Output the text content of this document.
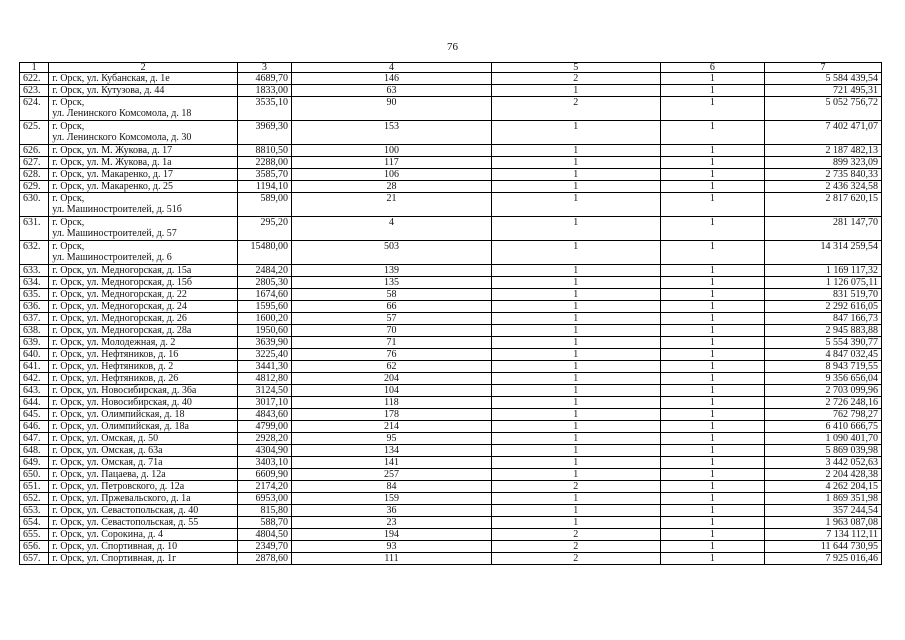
76
1	2	3	4	5	6	7
622.	г. Орск, ул. Кубанская, д. 1е	4689,70	146	2	1	5 584 439,54
623.	г. Орск, ул. Кутузова, д. 44	1833,00	63	1	1	721 495,31
624.	г. Орск,
ул. Ленинского Комсомола, д. 18	3535,10	90	2	1	5 052 756,72
625.	г. Орск,
ул. Ленинского Комсомола, д. 30	3969,30	153	1	1	7 402 471,07
626.	г. Орск, ул. М. Жукова, д. 17	8810,50	100	1	1	2 187 482,13
627.	г. Орск, ул. М. Жукова, д. 1а	2288,00	117	1	1	899 323,09
628.	г. Орск, ул. Макаренко, д. 17	3585,70	106	1	1	2 735 840,33
629.	г. Орск, ул. Макаренко, д. 25	1194,10	28	1	1	2 436 324,58
630.	г. Орск,
ул. Машиностроителей, д. 51б	589,00	21	1	1	2 817 620,15
631.	г. Орск,
ул. Машиностроителей, д. 57	295,20	4	1	1	281 147,70
632.	г. Орск,
ул. Машиностроителей, д. 6	15480,00	503	1	1	14 314 259,54
633.	г. Орск, ул. Медногорская, д. 15а	2484,20	139	1	1	1 169 117,32
634.	г. Орск, ул. Медногорская, д. 15б	2805,30	135	1	1	1 126 075,11
635.	г. Орск, ул. Медногорская, д. 22	1674,60	58	1	1	831 519,70
636.	г. Орск, ул. Медногорская, д. 24	1595,60	66	1	1	2 292 616,05
637.	г. Орск, ул. Медногорская, д. 26	1600,20	57	1	1	847 166,73
638.	г. Орск, ул. Медногорская, д. 28а	1950,60	70	1	1	2 945 883,88
639.	г. Орск, ул. Молодежная, д. 2	3639,90	71	1	1	5 554 390,77
640.	г. Орск, ул. Нефтяников, д. 16	3225,40	76	1	1	4 847 032,45
641.	г. Орск, ул. Нефтяников, д. 2	3441,30	62	1	1	8 943 719,55
642.	г. Орск, ул. Нефтяников, д. 26	4812,80	204	1	1	9 356 656,04
643.	г. Орск, ул. Новосибирская, д. 36а	3124,50	104	1	1	2 703 099,96
644.	г. Орск, ул. Новосибирская, д. 40	3017,10	118	1	1	2 726 248,16
645.	г. Орск, ул. Олимпийская, д. 18	4843,60	178	1	1	762 798,27
646.	г. Орск, ул. Олимпийская, д. 18а	4799,00	214	1	1	6 410 666,75
647.	г. Орск, ул. Омская, д. 50	2928,20	95	1	1	1 090 401,70
648.	г. Орск, ул. Омская, д. 63а	4304,90	134	1	1	5 869 039,98
649.	г. Орск, ул. Омская, д. 71а	3403,10	141	1	1	3 442 052,63
650.	г. Орск, ул. Пацаева, д. 12а	6609,90	257	1	1	2 204 428,38
651.	г. Орск, ул. Петровского, д. 12а	2174,20	84	2	1	4 262 204,15
652.	г. Орск, ул. Пржевальского, д. 1а	6953,00	159	1	1	1 869 351,98
653.	г. Орск, ул. Севастопольская, д. 40	815,80	36	1	1	357 244,54
654.	г. Орск, ул. Севастопольская, д. 55	588,70	23	1	1	1 963 087,08
655.	г. Орск, ул. Сорокина, д. 4	4804,50	194	2	1	7 134 112,11
656.	г. Орск, ул. Спортивная, д. 10	2349,70	93	2	1	11 644 730,95
657.	г. Орск, ул. Спортивная, д. 1г	2878,60	111	2	1	7 925 016,46
